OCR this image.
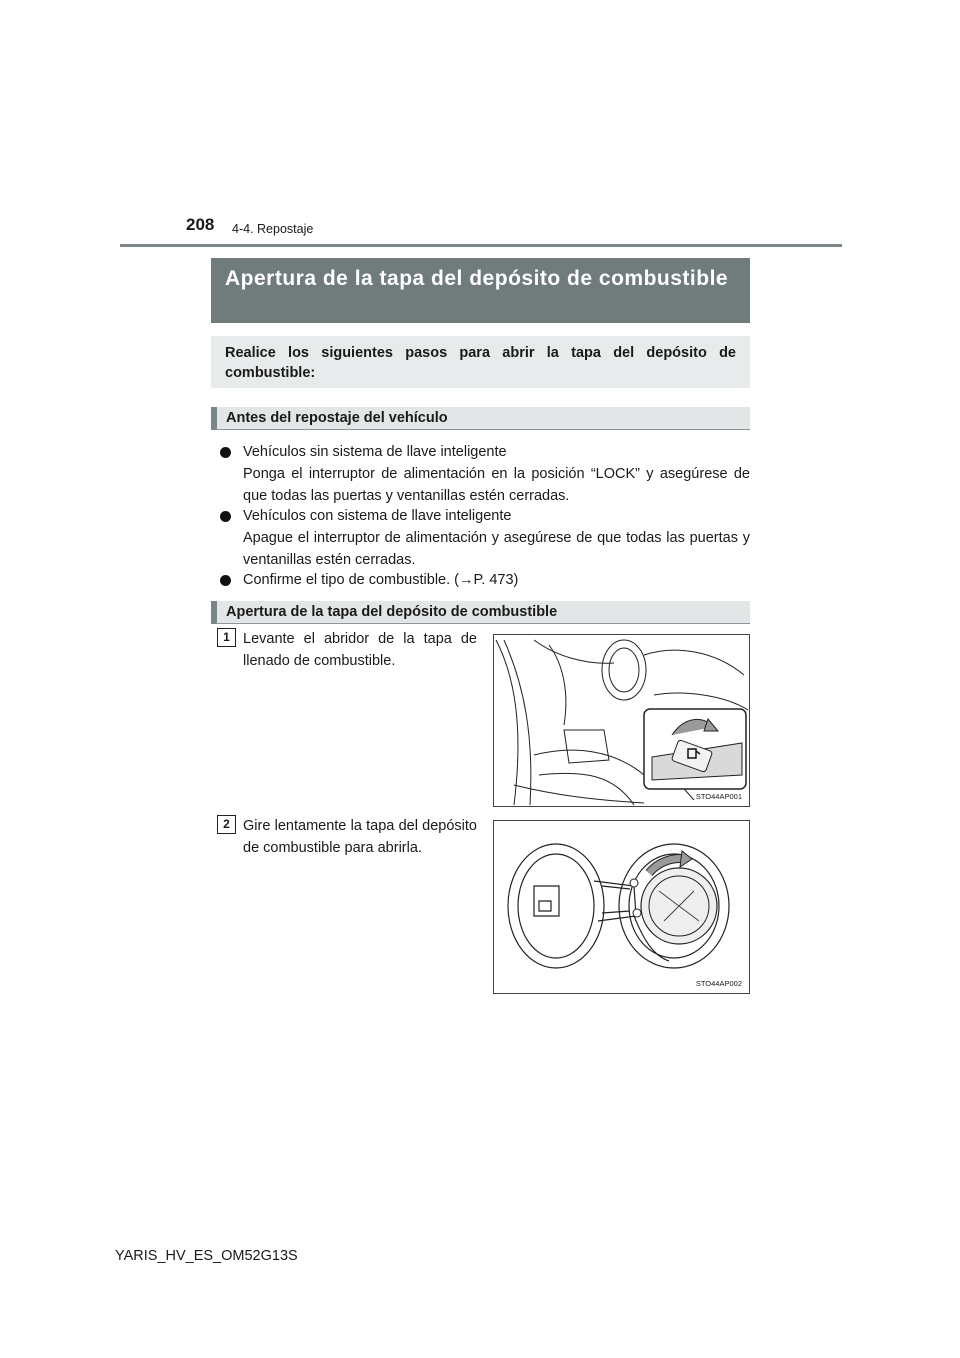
208 4-4. Repostaje
Apertura de la tapa del depósito de combustible
Realice los siguientes pasos para abrir la tapa del depósito de combustible:
Antes del repostaje del vehículo
Vehículos sin sistema de llave inteligente
Ponga el interruptor de alimentación en la posición “LOCK” y asegúrese de que todas las puertas y ventanillas estén cerradas.
Vehículos con sistema de llave inteligente
Apague el interruptor de alimentación y asegúrese de que todas las puertas y ventanillas estén cerradas.
Confirme el tipo de combustible. (→P. 473)
Apertura de la tapa del depósito de combustible
1 Levante el abridor de la tapa de llenado de combustible.
STO44AP001
2 Gire lentamente la tapa del depósito de combustible para abrirla.
STO44AP002
YARIS_HV_ES_OM52G13S
